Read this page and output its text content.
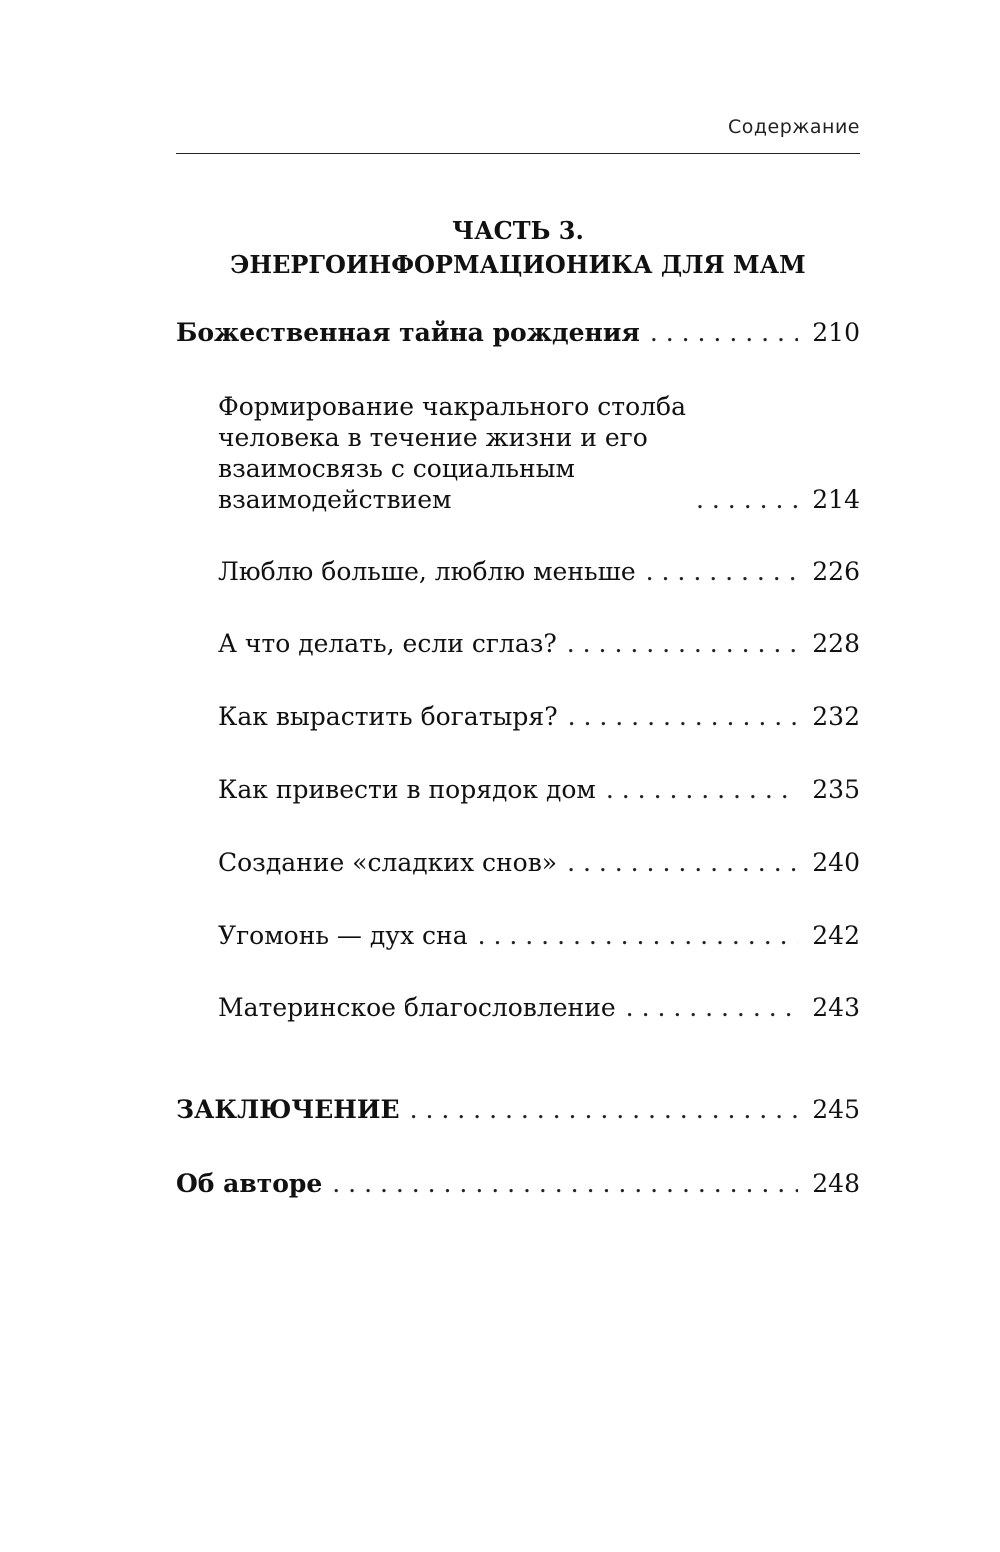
Содержание
ЧАСТЬ 3.
ЭНЕРГОИНФОРМАЦИОНИКА ДЛЯ МАМ
Божественная тайна рождения . . .	210
Формирование чакрального столба
человека в течение жизни и его
взаимосвязь с социальным
взаимодействием . . .	214
Люблю больше, люблю меньше . . .	226
А что делать, если сглаз? . . .	228
Как вырастить богатыря? . . .	232
Как привести в порядок дом . . .	235
Создание «сладких снов» . . .	240
Угомонь — дух сна . . .	242
Материнское благословление . . .	243
ЗАКЛЮЧЕНИЕ . . .	245
Об авторе . . .	248
